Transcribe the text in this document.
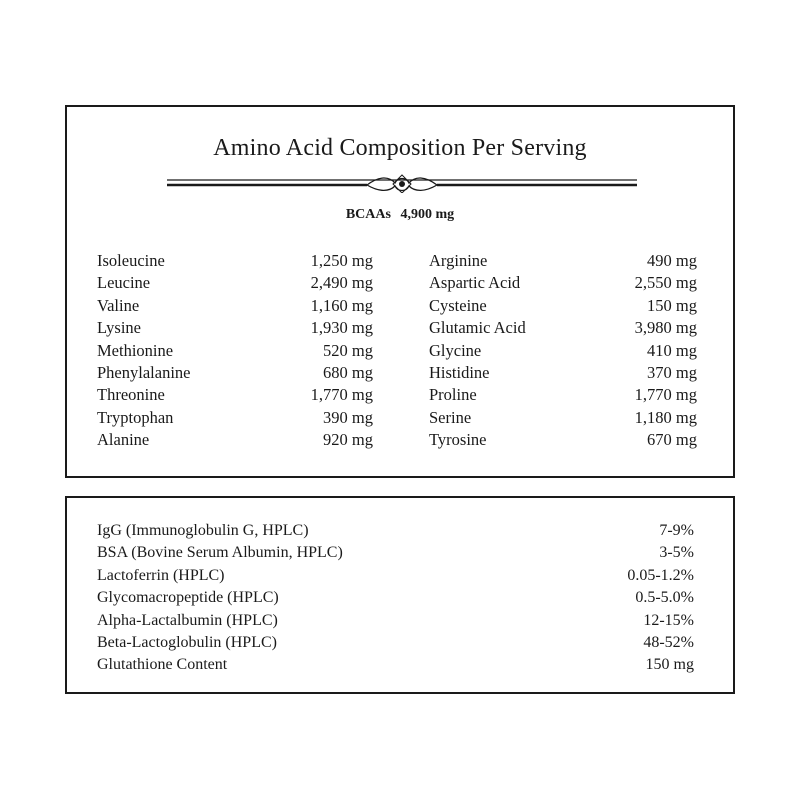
Amino Acid Composition Per Serving
BCAAs 4,900 mg
Isoleucine	1,250 mg
Leucine	2,490 mg
Valine	1,160 mg
Lysine	1,930 mg
Methionine	520 mg
Phenylalanine	680 mg
Threonine	1,770 mg
Tryptophan	390 mg
Alanine	920 mg
Arginine	490 mg
Aspartic Acid	2,550 mg
Cysteine	150 mg
Glutamic Acid	3,980 mg
Glycine	410 mg
Histidine	370 mg
Proline	1,770 mg
Serine	1,180 mg
Tyrosine	670 mg
IgG (Immunoglobulin G, HPLC)	7-9%
BSA (Bovine Serum Albumin, HPLC)	3-5%
Lactoferrin (HPLC)	0.05-1.2%
Glycomacropeptide (HPLC)	0.5-5.0%
Alpha-Lactalbumin (HPLC)	12-15%
Beta-Lactoglobulin (HPLC)	48-52%
Glutathione Content	150 mg
